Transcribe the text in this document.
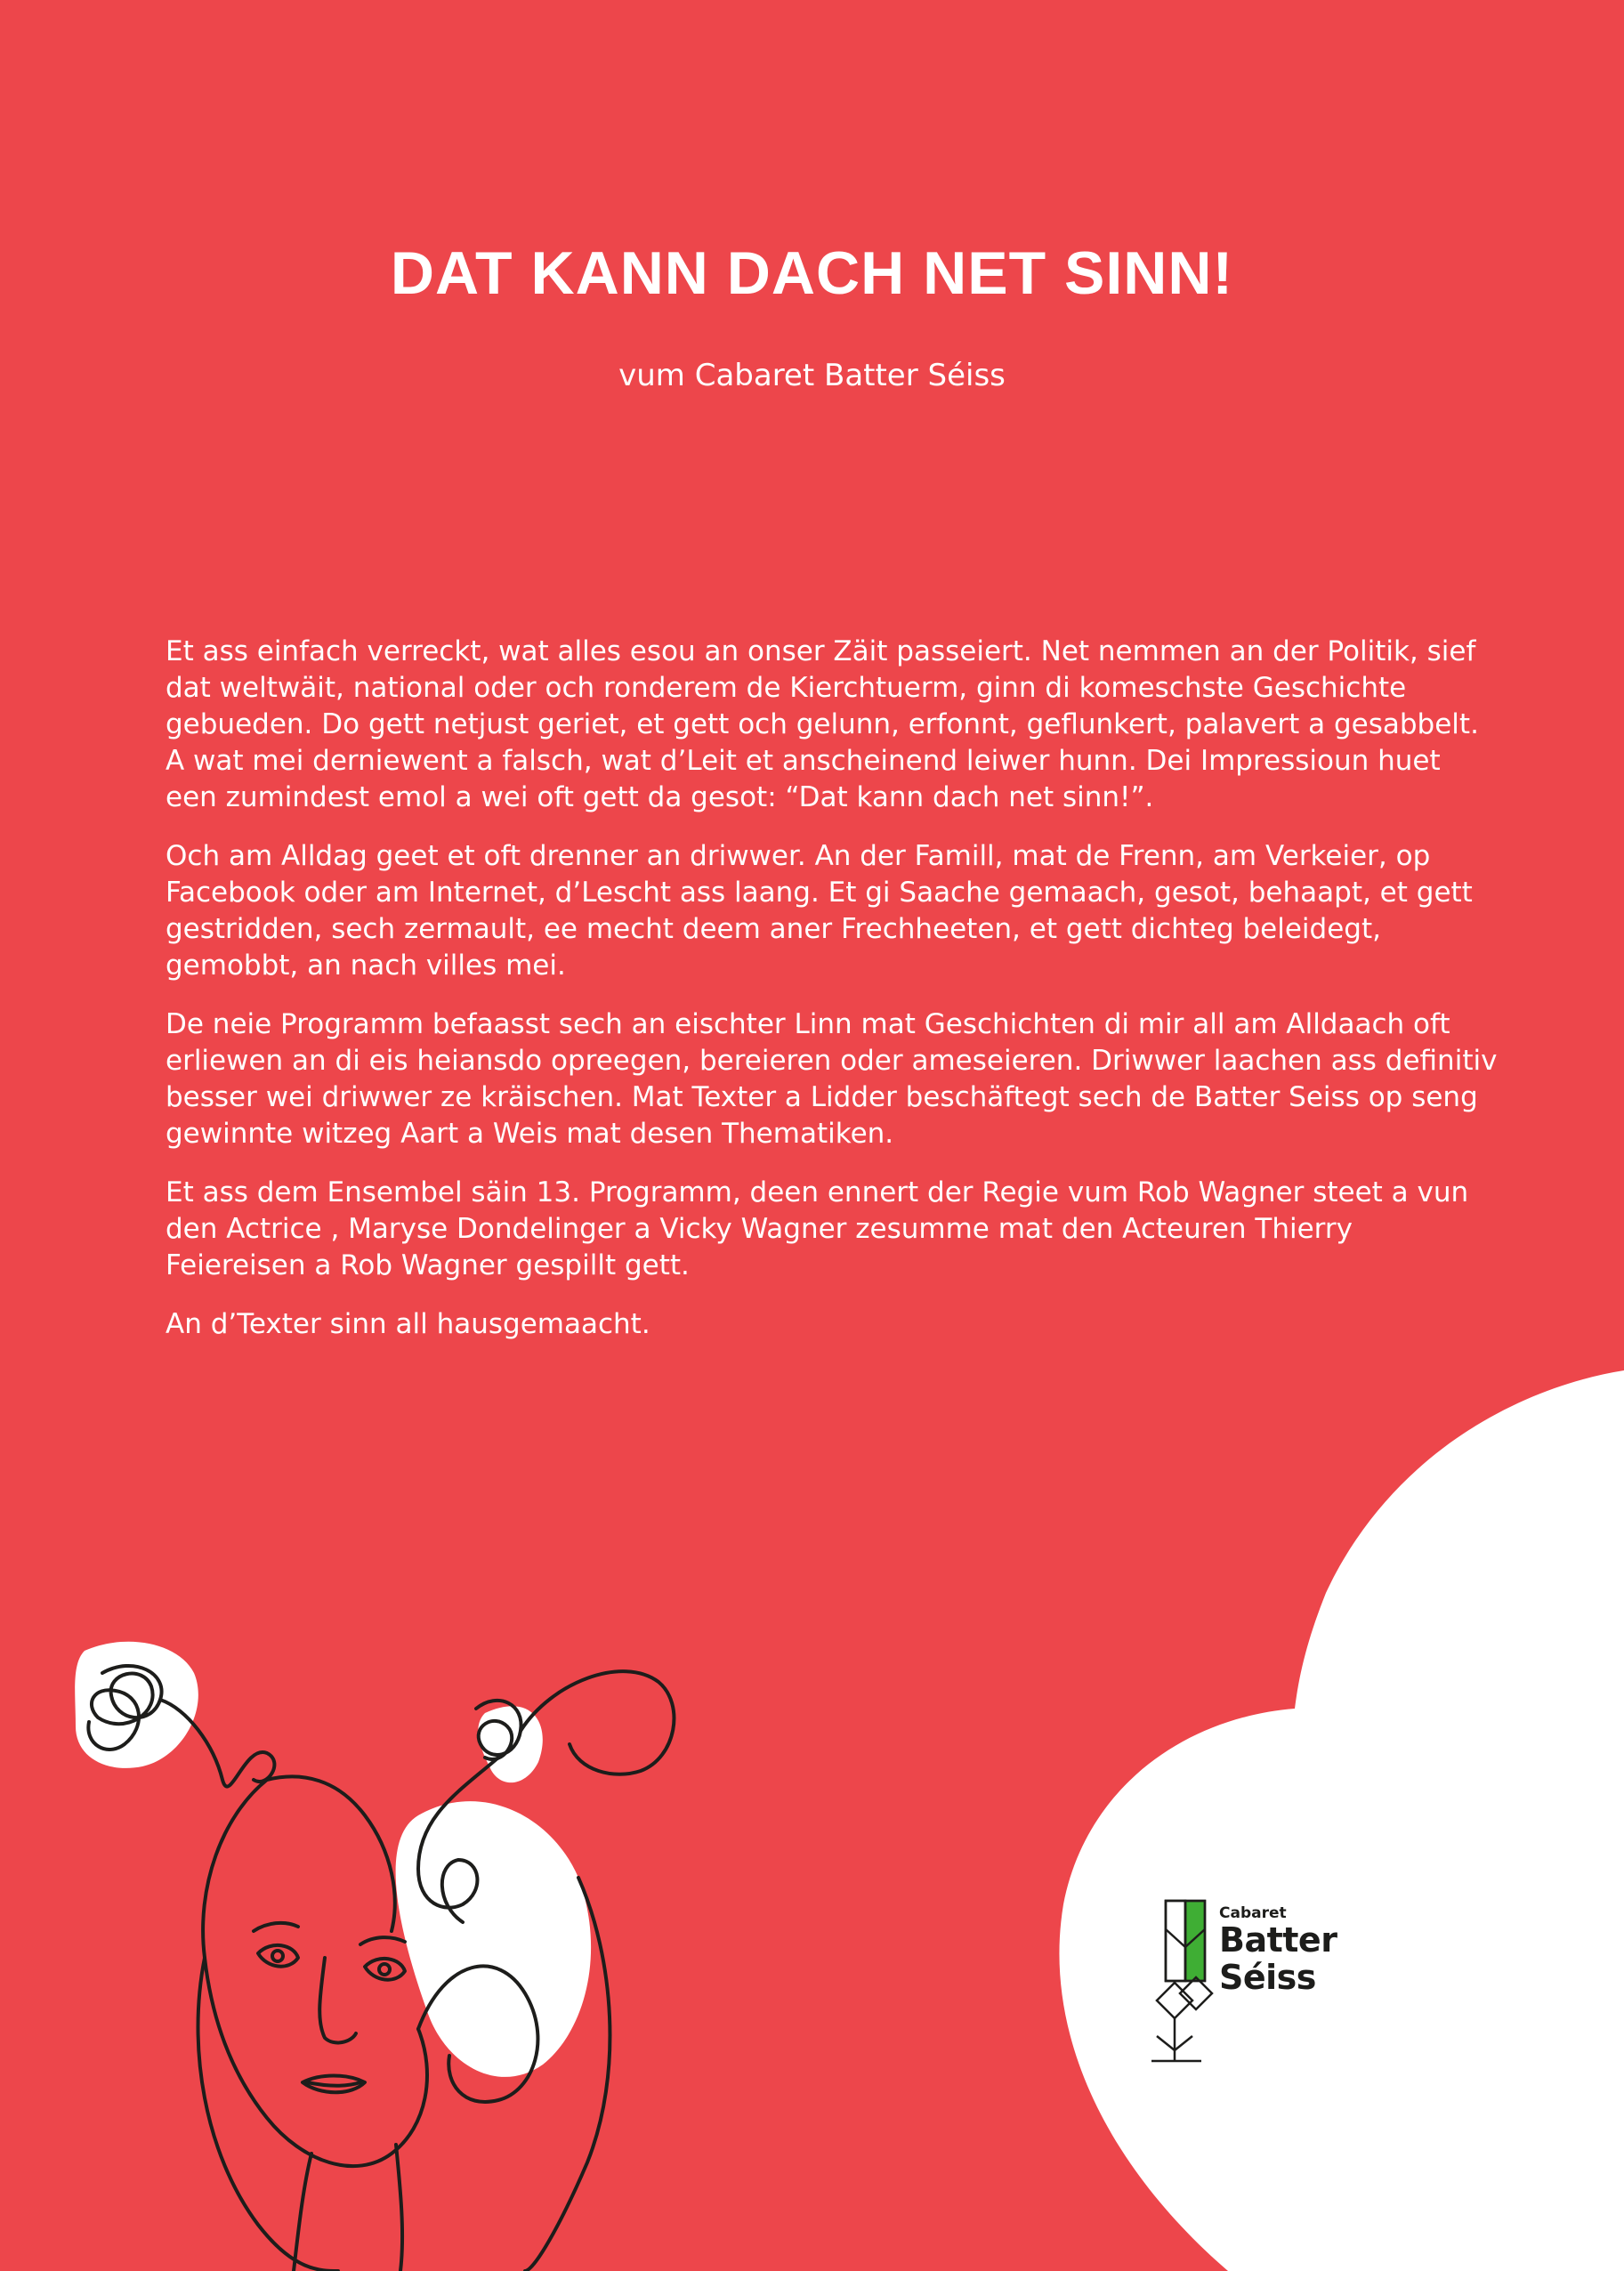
DAT KANN DACH NET SINN!
vum Cabaret Batter Séiss

Et ass einfach verreckt, wat alles esou an onser Zäit passeiert. Net nemmen an der Politik, sief dat weltwäit, national oder och ronderem de Kierchtuerm, ginn di komeschste Geschichte gebueden. Do gett netjust geriet, et gett och gelunn, erfonnt, geflunkert, palavert a gesabbelt. A wat mei derniewent a falsch, wat d’Leit et anscheinend leiwer hunn. Dei Impressioun huet een zumindest emol a wei oft gett da gesot: “Dat kann dach net sinn!”.

Och am Alldag geet et oft drenner an driwwer. An der Famill, mat de Frenn, am Verkeier, op Facebook oder am Internet, d’Lescht ass laang. Et gi Saache gemaach, gesot, behaapt, et gett gestridden, sech zermault, ee mecht deem aner Frechheeten, et gett dichteg beleidegt, gemobbt, an nach villes mei.

De neie Programm befaasst sech an eischter Linn mat Geschichten di mir all am Alldaach oft erliewen an di eis heiansdo opreegen, bereieren oder ameseieren. Driwwer laachen ass definitiv besser wei driwwer ze kräischen. Mat Texter a Lidder beschäftegt sech de Batter Seiss op seng gewinnte witzeg Aart a Weis mat desen Thematiken.

Et ass dem Ensembel säin 13. Programm, deen ennert der Regie vum Rob Wagner steet a vun den Actrice , Maryse Dondelinger a Vicky Wagner zesumme mat den Acteuren Thierry Feiereisen a Rob Wagner gespillt gett.

An d’Texter sinn all hausgemaacht.

Cabaret
Batter
Séiss
